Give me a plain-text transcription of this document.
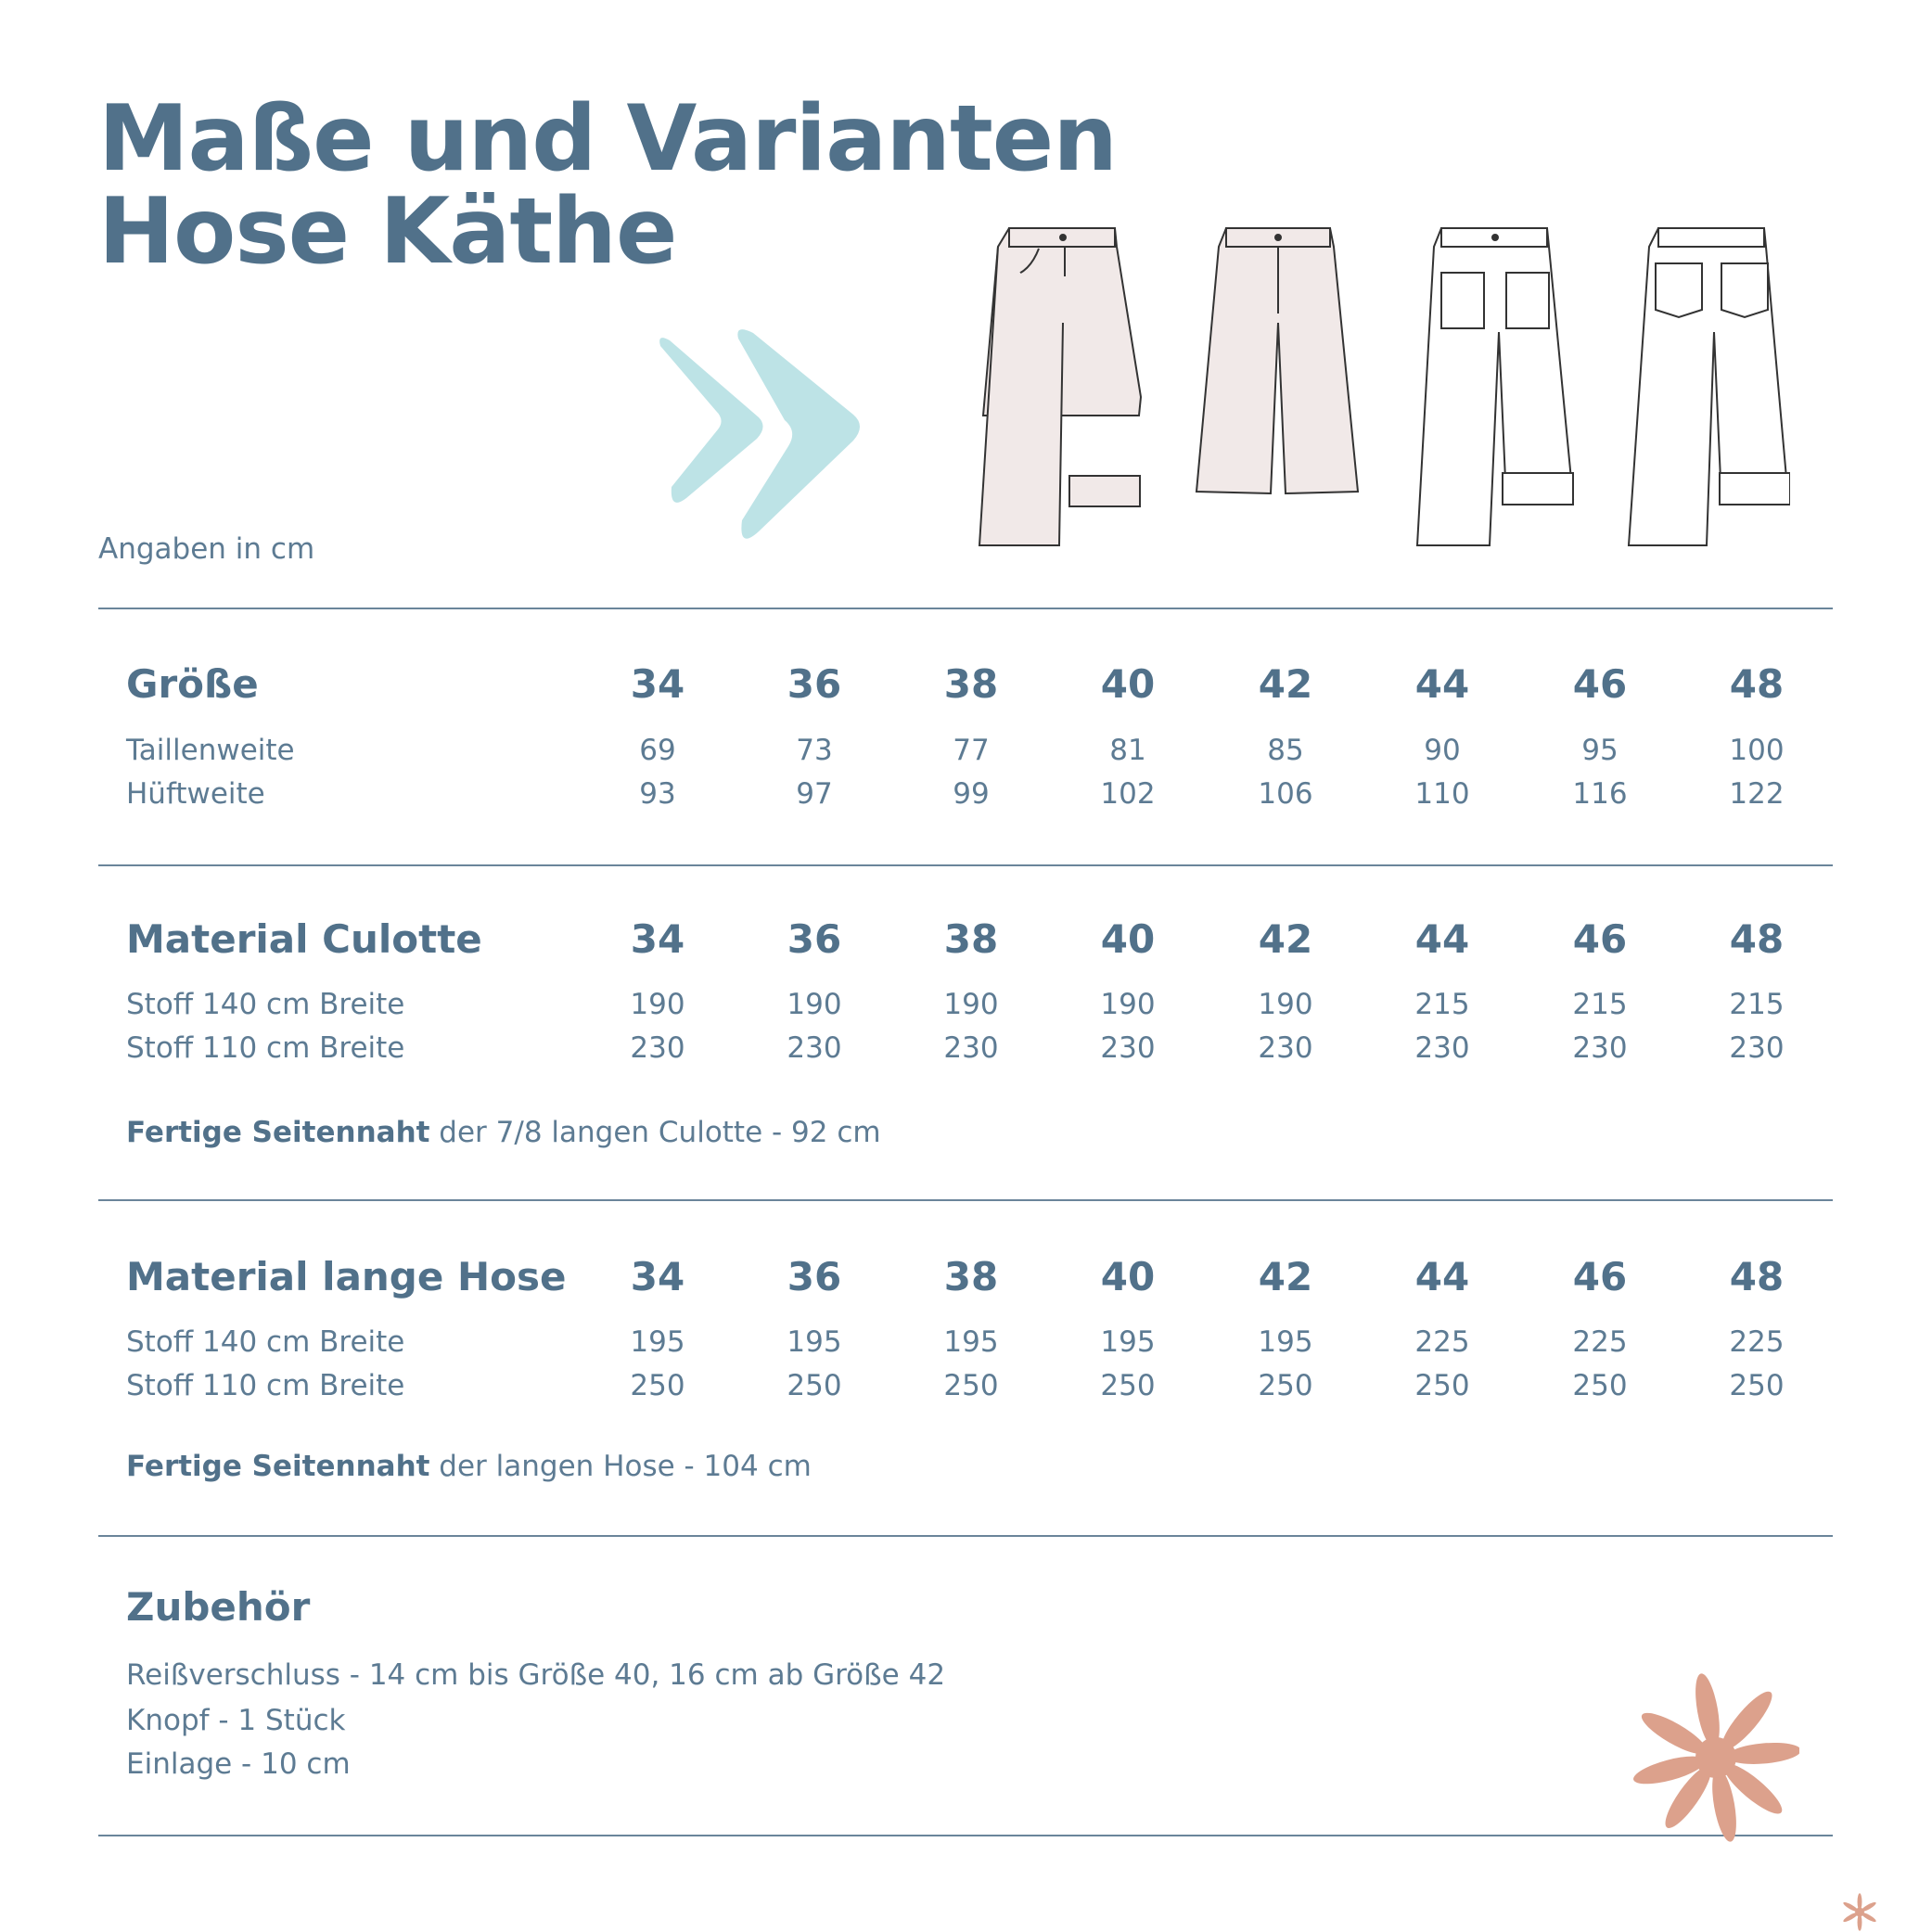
Maße und Varianten
Hose Käthe
Angaben in cm
Größe	34	36	38	40	42	44	46	48
Taillenweite	69	73	77	81	85	90	95	100
Hüftweite	93	97	99	102	106	110	116	122
Material Culotte	34	36	38	40	42	44	46	48
Stoff 140 cm Breite	190	190	190	190	190	215	215	215
Stoff 110 cm Breite	230	230	230	230	230	230	230	230
Fertige Seitennaht der 7/8 langen Culotte - 92 cm
Material lange Hose	34	36	38	40	42	44	46	48
Stoff 140 cm Breite	195	195	195	195	195	225	225	225
Stoff 110 cm Breite	250	250	250	250	250	250	250	250
Fertige Seitennaht der langen Hose - 104 cm
Zubehör
Reißverschluss - 14 cm bis Größe 40, 16 cm ab Größe 42
Knopf - 1 Stück
Einlage - 10 cm
